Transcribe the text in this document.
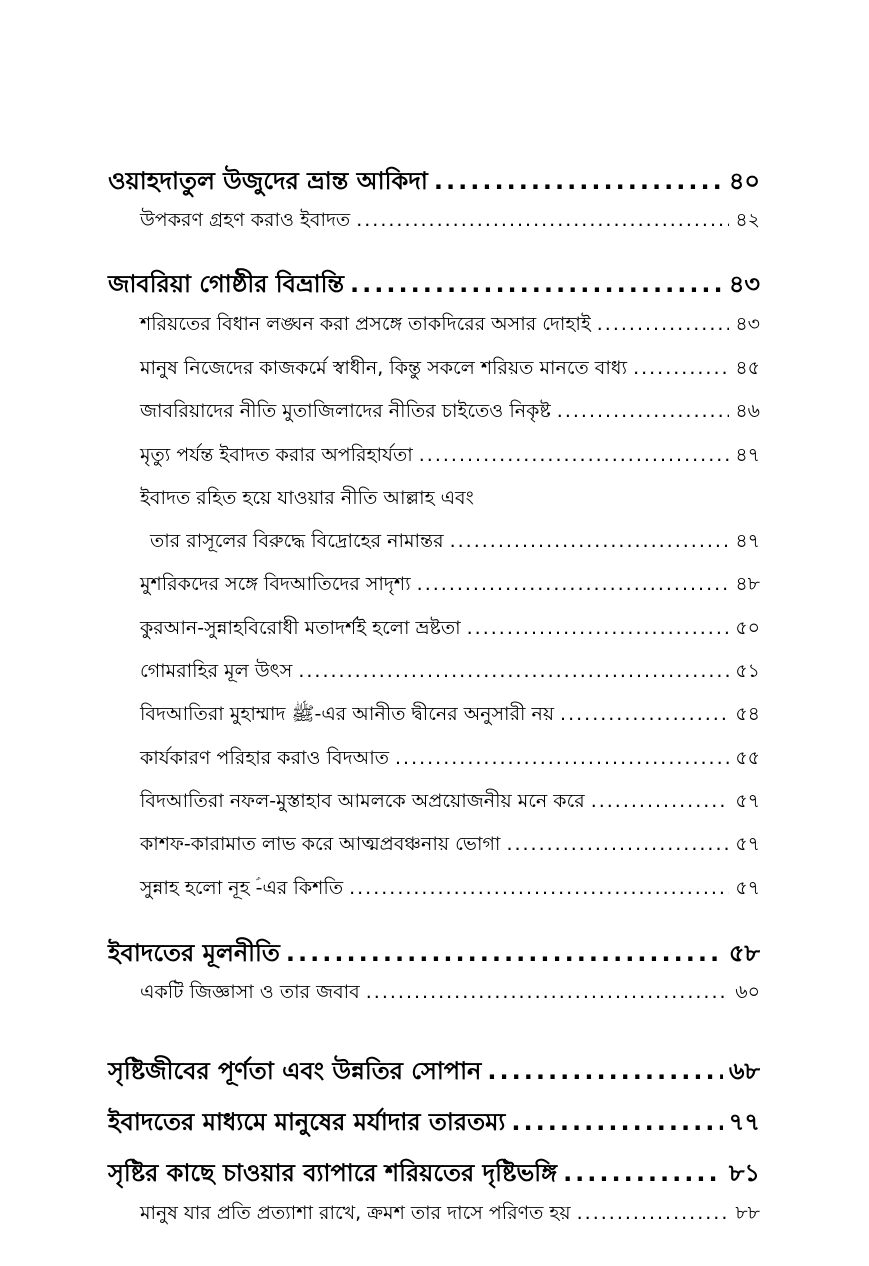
ওয়াহদাতুল উজুদের ভ্রান্ত আকিদা .....	৪০
উপকরণ গ্রহণ করাও ইবাদত .....	৪২
জাবরিয়া গোষ্ঠীর বিভ্রান্তি .....	৪৩
শরিয়তের বিধান লঙ্ঘন করা প্রসঙ্গে তাকদিরের অসার দোহাই .....	৪৩
মানুষ নিজেদের কাজকর্মে স্বাধীন, কিন্তু সকলে শরিয়ত মানতে বাধ্য .....	৪৫
জাবরিয়াদের নীতি মুতাজিলাদের নীতির চাইতেও নিকৃষ্ট .....	৪৬
মৃত্যু পর্যন্ত ইবাদত করার অপরিহার্যতা .....	৪৭
ইবাদত রহিত হয়ে যাওয়ার নীতি আল্লাহ এবং
তার রাসূলের বিরুদ্ধে বিদ্রোহের নামান্তর .....	৪৭
মুশরিকদের সঙ্গে বিদআতিদের সাদৃশ্য .....	৪৮
কুরআন-সুন্নাহবিরোধী মতাদর্শই হলো ভ্রষ্টতা .....	৫০
গোমরাহির মূল উৎস .....	৫১
বিদআতিরা মুহাম্মাদ ﷺ-এর আনীত দ্বীনের অনুসারী নয় .....	৫৪
কার্যকারণ পরিহার করাও বিদআত .....	৫৫
বিদআতিরা নফল-মুস্তাহাব আমলকে অপ্রয়োজনীয় মনে করে .....	৫৭
কাশফ-কারামাত লাভ করে আত্মপ্রবঞ্চনায় ভোগা .....	৫৭
সুন্নাহ হলো নূহ ؑ-এর কিশতি .....	৫৭
ইবাদতের মূলনীতি .....	৫৮
একটি জিজ্ঞাসা ও তার জবাব .....	৬০
সৃষ্টিজীবের পূর্ণতা এবং উন্নতির সোপান .....	৬৮
ইবাদতের মাধ্যমে মানুষের মর্যাদার তারতম্য .....	৭৭
সৃষ্টির কাছে চাওয়ার ব্যাপারে শরিয়তের দৃষ্টিভঙ্গি .....	৮১
মানুষ যার প্রতি প্রত্যাশা রাখে, ক্রমশ তার দাসে পরিণত হয় .....	৮৮
